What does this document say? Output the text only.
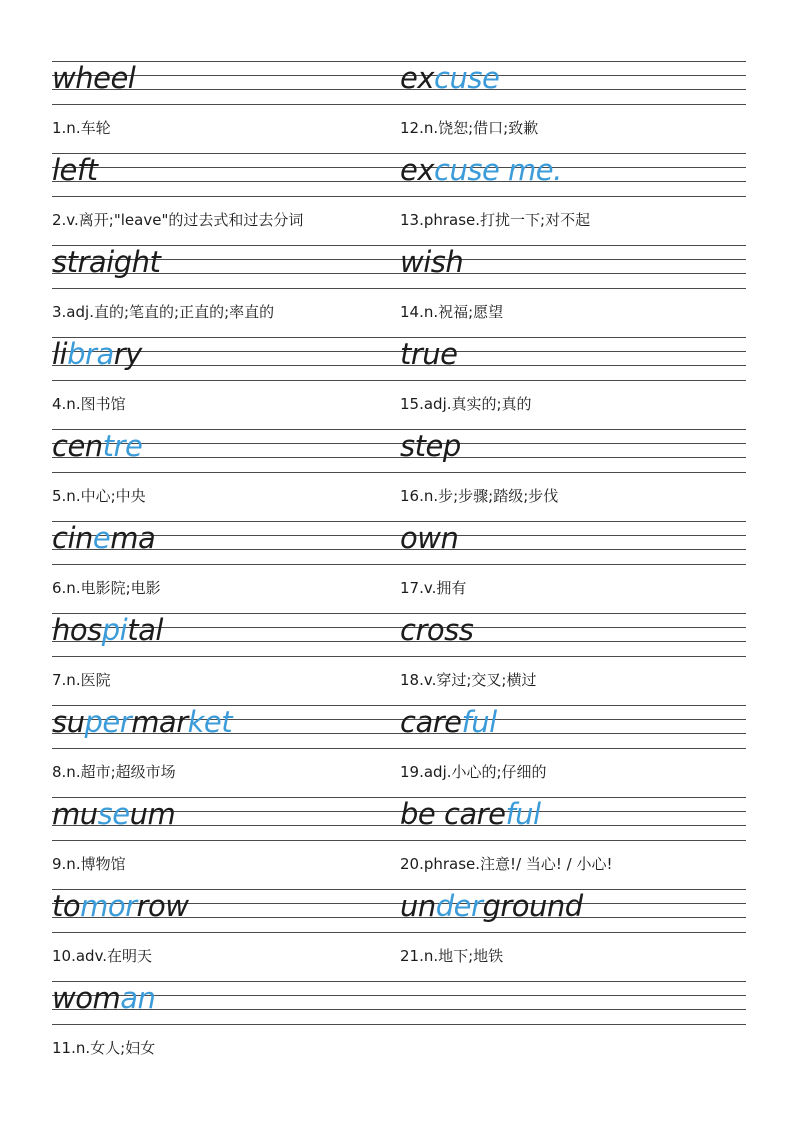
wheel	excuse
1.n.车轮	12.n.饶恕;借口;致歉
left	excuse me.
2.v.离开;"leave"的过去式和过去分词	13.phrase.打扰一下;对不起
straight	wish
3.adj.直的;笔直的;正直的;率直的	14.n.祝福;愿望
library	true
4.n.图书馆	15.adj.真实的;真的
centre	step
5.n.中心;中央	16.n.步;步骤;踏级;步伐
cinema	own
6.n.电影院;电影	17.v.拥有
hospital	cross
7.n.医院	18.v.穿过;交叉;横过
supermarket	careful
8.n.超市;超级市场	19.adj.小心的;仔细的
museum	be careful
9.n.博物馆	20.phrase.注意!/ 当心! / 小心!
tomorrow	underground
10.adv.在明天	21.n.地下;地铁
woman
11.n.女人;妇女
